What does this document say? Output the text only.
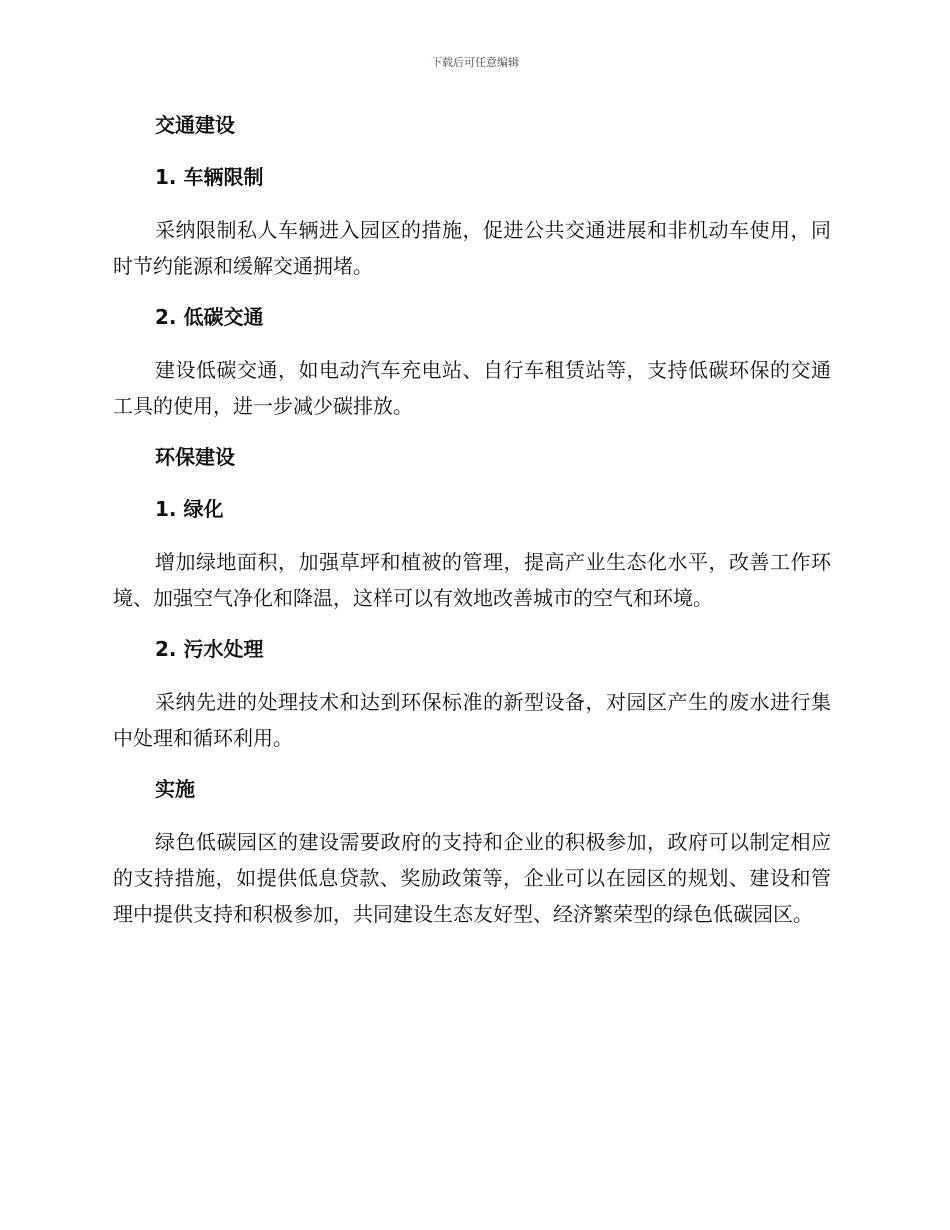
下载后可任意编辑
交通建设
1. 车辆限制
采纳限制私人车辆进入园区的措施，促进公共交通进展和非机动车使用，同时节约能源和缓解交通拥堵。
2. 低碳交通
建设低碳交通，如电动汽车充电站、自行车租赁站等，支持低碳环保的交通工具的使用，进一步减少碳排放。
环保建设
1. 绿化
增加绿地面积，加强草坪和植被的管理，提高产业生态化水平，改善工作环境、加强空气净化和降温，这样可以有效地改善城市的空气和环境。
2. 污水处理
采纳先进的处理技术和达到环保标准的新型设备，对园区产生的废水进行集中处理和循环利用。
实施
绿色低碳园区的建设需要政府的支持和企业的积极参加，政府可以制定相应的支持措施，如提供低息贷款、奖励政策等，企业可以在园区的规划、建设和管理中提供支持和积极参加，共同建设生态友好型、经济繁荣型的绿色低碳园区。
